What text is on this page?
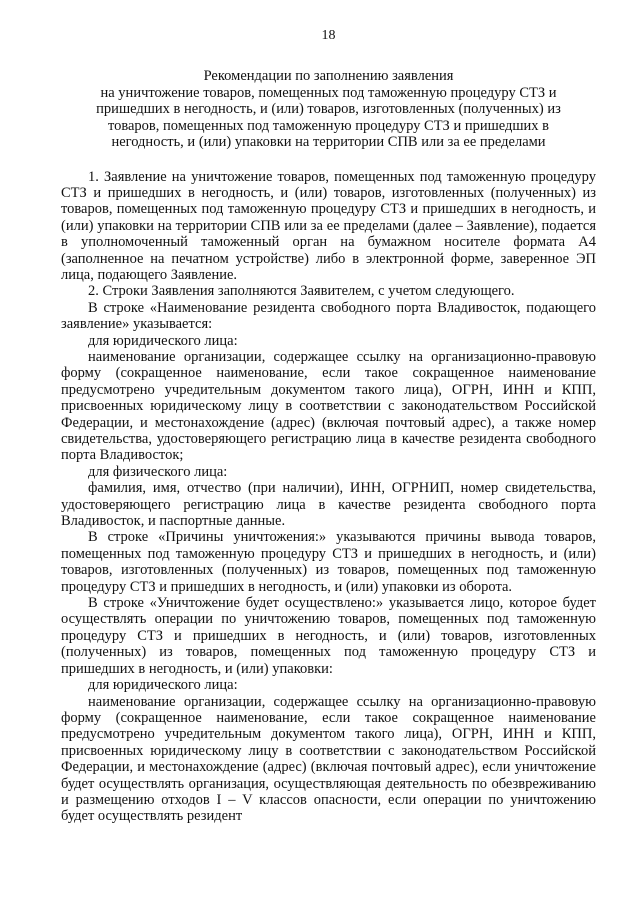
18
Рекомендации по заполнению заявления
на уничтожение товаров, помещенных под таможенную процедуру СТЗ и
пришедших в негодность, и (или) товаров, изготовленных (полученных) из
товаров, помещенных под таможенную процедуру СТЗ и пришедших в
негодность, и (или) упаковки на территории СПВ или за ее пределами

1. Заявление на уничтожение товаров, помещенных под таможенную процедуру СТЗ и пришедших в негодность, и (или) товаров, изготовленных (полученных) из товаров, помещенных под таможенную процедуру СТЗ и пришедших в негодность, и (или) упаковки на территории СПВ или за ее пределами (далее – Заявление), подается в уполномоченный таможенный орган на бумажном носителе формата А4 (заполненное на печатном устройстве) либо в электронной форме, заверенное ЭП лица, подающего Заявление.

2. Строки Заявления заполняются Заявителем, с учетом следующего.

В строке «Наименование резидента свободного порта Владивосток, подающего заявление» указывается:

для юридического лица:

наименование организации, содержащее ссылку на организационно-правовую форму (сокращенное наименование, если такое сокращенное наименование предусмотрено учредительным документом такого лица), ОГРН, ИНН и КПП, присвоенных юридическому лицу в соответствии с законодательством Российской Федерации, и местонахождение (адрес) (включая почтовый адрес), а также номер свидетельства, удостоверяющего регистрацию лица в качестве резидента свободного порта Владивосток;

для физического лица:

фамилия, имя, отчество (при наличии), ИНН, ОГРНИП, номер свидетельства, удостоверяющего регистрацию лица в качестве резидента свободного порта Владивосток, и паспортные данные.

В строке «Причины уничтожения:» указываются причины вывода товаров, помещенных под таможенную процедуру СТЗ и пришедших в негодность, и (или) товаров, изготовленных (полученных) из товаров, помещенных под таможенную процедуру СТЗ и пришедших в негодность, и (или) упаковки из оборота.

В строке «Уничтожение будет осуществлено:» указывается лицо, которое будет осуществлять операции по уничтожению товаров, помещенных под таможенную процедуру СТЗ и пришедших в негодность, и (или) товаров, изготовленных (полученных) из товаров, помещенных под таможенную процедуру СТЗ и пришедших в негодность, и (или) упаковки:

для юридического лица:

наименование организации, содержащее ссылку на организационно-правовую форму (сокращенное наименование, если такое сокращенное наименование предусмотрено учредительным документом такого лица), ОГРН, ИНН и КПП, присвоенных юридическому лицу в соответствии с законодательством Российской Федерации, и местонахождение (адрес) (включая почтовый адрес), если уничтожение будет осуществлять организация, осуществляющая деятельность по обезвреживанию и размещению отходов I – V классов опасности, если операции по уничтожению будет осуществлять резидент
